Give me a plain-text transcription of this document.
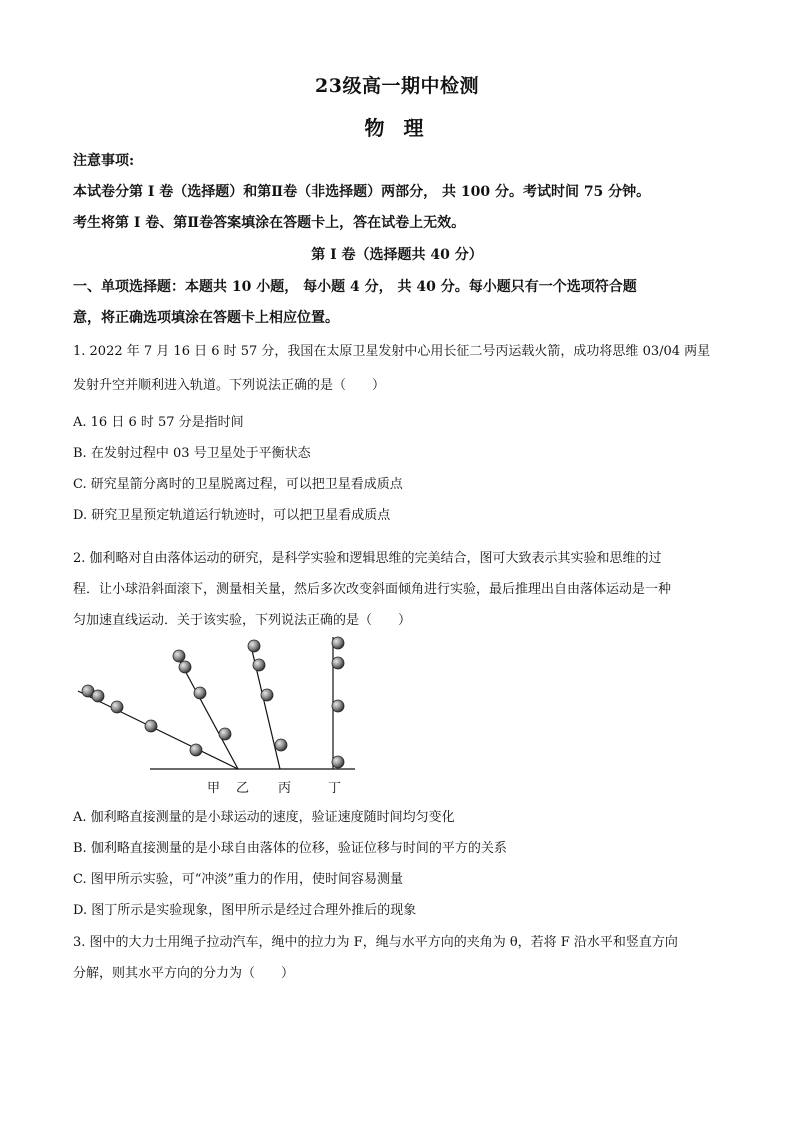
23级高一期中检测
物 理
注意事项:
本试卷分第 I 卷（选择题）和第Ⅱ卷（非选择题）两部分， 共 100 分。考试时间 75 分钟。
考生将第 I 卷、第Ⅱ卷答案填涂在答题卡上，答在试卷上无效。
第 I 卷（选择题共 40 分）
一、单项选择题：本题共 10 小题， 每小题 4 分， 共 40 分。每小题只有一个选项符合题
意，将正确选项填涂在答题卡上相应位置。
1. 2022 年 7 月 16 日 6 时 57 分，我国在太原卫星发射中心用长征二号丙运载火箭，成功将思维 03/04 两星
发射升空并顺利进入轨道。下列说法正确的是（　　）
A. 16 日 6 时 57 分是指时间
B. 在发射过程中 03 号卫星处于平衡状态
C. 研究星箭分离时的卫星脱离过程，可以把卫星看成质点
D. 研究卫星预定轨道运行轨迹时，可以把卫星看成质点
2. 伽利略对自由落体运动的研究，是科学实验和逻辑思维的完美结合，图可大致表示其实验和思维的过
程．让小球沿斜面滚下，测量相关量，然后多次改变斜面倾角进行实验，最后推理出自由落体运动是一种
匀加速直线运动．关于该实验，下列说法正确的是（　　）
甲 乙 丙	丁
A. 伽利略直接测量的是小球运动的速度，验证速度随时间均匀变化
B. 伽利略直接测量的是小球自由落体的位移，验证位移与时间的平方的关系
C. 图甲所示实验，可“冲淡”重力的作用，使时间容易测量
D. 图丁所示是实验现象，图甲所示是经过合理外推后的现象
3. 图中的大力士用绳子拉动汽车，绳中的拉力为 F，绳与水平方向的夹角为 θ，若将 F 沿水平和竖直方向
分解，则其水平方向的分力为（　　）
